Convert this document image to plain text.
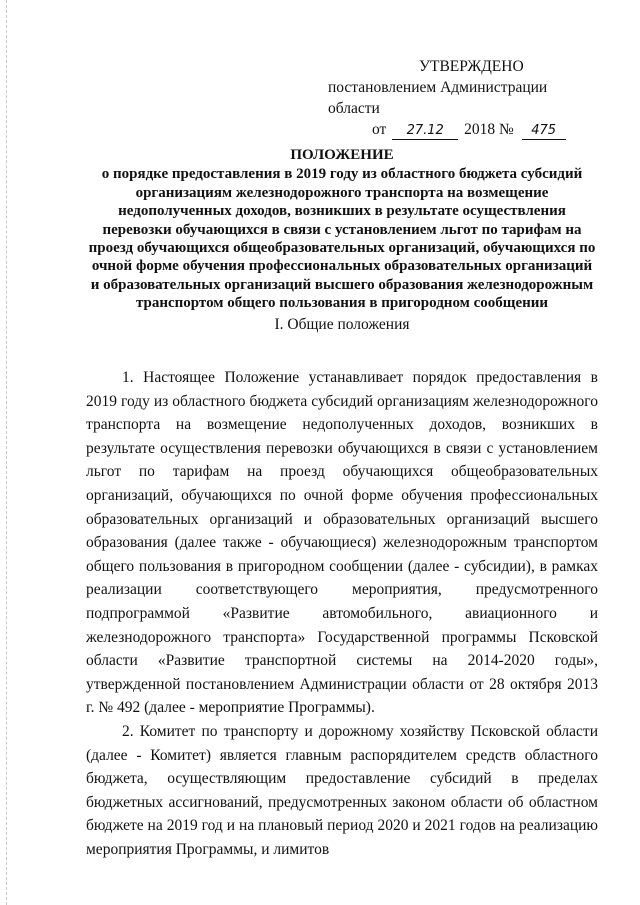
УТВЕРЖДЕНО
постановлением Администрации области
от 27.12 2018 № 475
ПОЛОЖЕНИЕ
о порядке предоставления в 2019 году из областного бюджета субсидий организациям железнодорожного транспорта на возмещение недополученных доходов, возникших в результате осуществления перевозки обучающихся в связи с установлением льгот по тарифам на проезд обучающихся общеобразовательных организаций, обучающихся по очной форме обучения профессиональных образовательных организаций и образовательных организаций высшего образования железнодорожным транспортом общего пользования в пригородном сообщении
I. Общие положения

1. Настоящее Положение устанавливает порядок предоставления в 2019 году из областного бюджета субсидий организациям железнодорожного транспорта на возмещение недополученных доходов, возникших в результате осуществления перевозки обучающихся в связи с установлением льгот по тарифам на проезд обучающихся общеобразовательных организаций, обучающихся по очной форме обучения профессиональных образовательных организаций и образовательных организаций высшего образования (далее также - обучающиеся) железнодорожным транспортом общего пользования в пригородном сообщении (далее - субсидии), в рамках реализации соответствующего мероприятия, предусмотренного подпрограммой «Развитие автомобильного, авиационного и железнодорожного транспорта» Государственной программы Псковской области «Развитие транспортной системы на 2014-2020 годы», утвержденной постановлением Администрации области от 28 октября 2013 г. № 492 (далее - мероприятие Программы).

2. Комитет по транспорту и дорожному хозяйству Псковской области (далее - Комитет) является главным распорядителем средств областного бюджета, осуществляющим предоставление субсидий в пределах бюджетных ассигнований, предусмотренных законом области об областном бюджете на 2019 год и на плановый период 2020 и 2021 годов на реализацию мероприятия Программы, и лимитов
